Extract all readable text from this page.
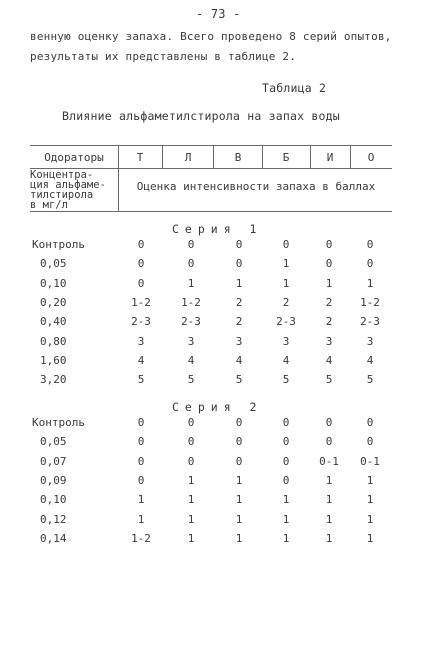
- 73 -
венную оценку запаха. Всего проведено 8 серий опытов,
результаты их представлены в таблице 2.
Таблица 2
Влияние альфаметилстирола на запах воды
Одораторы	Т	Л	В	Б	И	О
Концентра-
ция альфаме-
тилстирола
в мг/л
Оценка интенсивности запаха в баллах
Серия 1
Контроль	0	0	0	0	0	0
0,05	0	0	0	1	0	0
0,10	0	1	1	1	1	1
0,20	1-2	1-2	2	2	2	1-2
0,40	2-3	2-3	2	2-3	2	2-3
0,80	3	3	3	3	3	3
1,60	4	4	4	4	4	4
3,20	5	5	5	5	5	5
Серия 2
Контроль	0	0	0	0	0	0
0,05	0	0	0	0	0	0
0,07	0	0	0	0	0-1	0-1
0,09	0	1	1	0	1	1
0,10	1	1	1	1	1	1
0,12	1	1	1	1	1	1
0,14	1-2	1	1	1	1	1
